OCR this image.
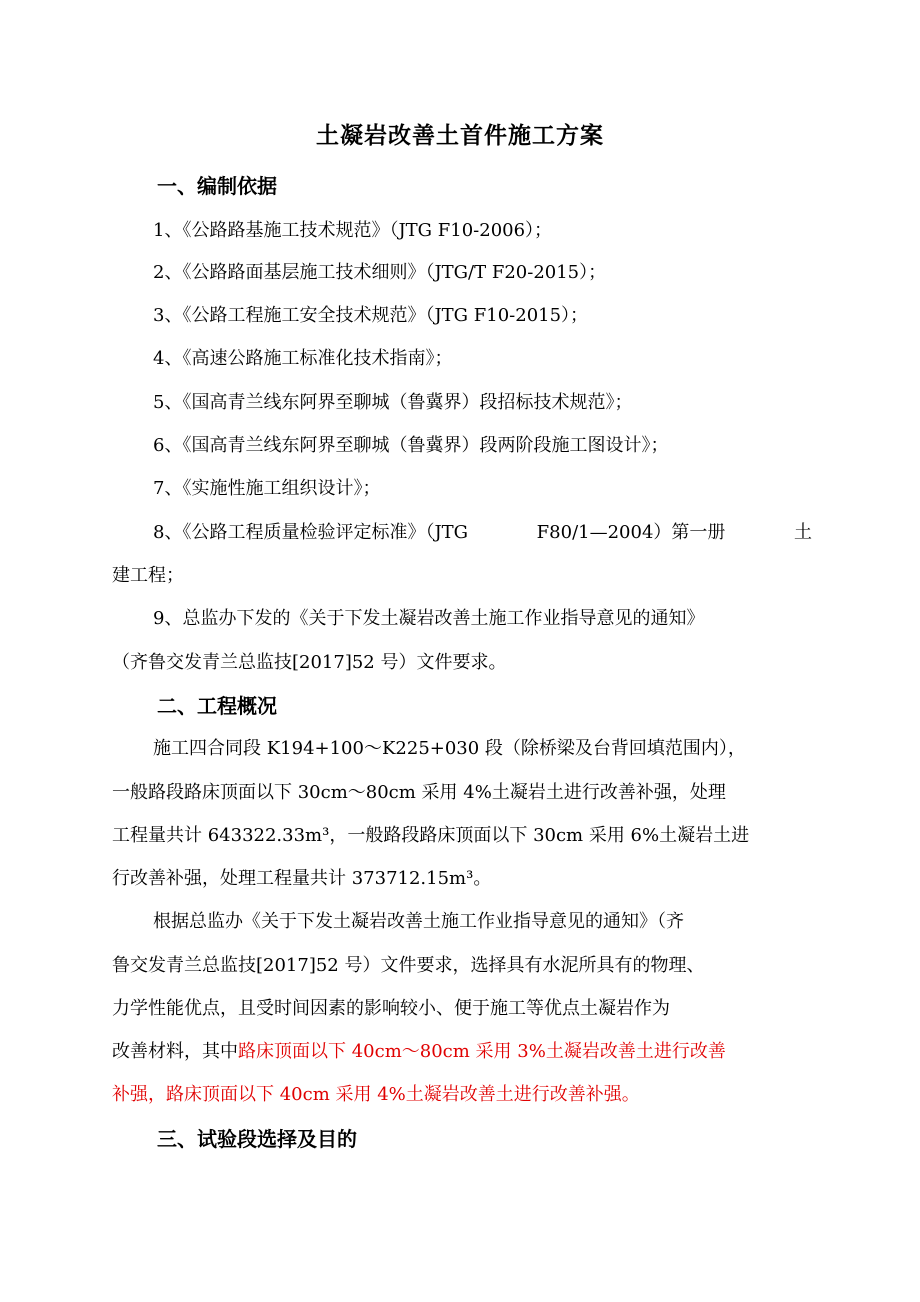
土凝岩改善土首件施工方案
一、编制依据
1、《公路路基施工技术规范》（JTG F10-2006）；
2、《公路路面基层施工技术细则》（JTG/T F20-2015）；
3、《公路工程施工安全技术规范》（JTG F10-2015）；
4、《高速公路施工标准化技术指南》；
5、《国高青兰线东阿界至聊城（鲁冀界）段招标技术规范》；
6、《国高青兰线东阿界至聊城（鲁冀界）段两阶段施工图设计》；
7、《实施性施工组织设计》；
8、《公路工程质量检验评定标准》（JTG	F80/1—2004）第一册	土
建工程；
9、总监办下发的《关于下发土凝岩改善土施工作业指导意见的通知》
（齐鲁交发青兰总监技[2017]52 号）文件要求。
二、工程概况
施工四合同段 K194+100～K225+030 段（除桥梁及台背回填范围内），
一般路段路床顶面以下 30cm～80cm 采用 4%土凝岩土进行改善补强，处理
工程量共计 643322.33m³，一般路段路床顶面以下 30cm 采用 6%土凝岩土进
行改善补强，处理工程量共计 373712.15m³。
根据总监办《关于下发土凝岩改善土施工作业指导意见的通知》（齐
鲁交发青兰总监技[2017]52 号）文件要求，选择具有水泥所具有的物理、
力学性能优点，且受时间因素的影响较小、便于施工等优点土凝岩作为
改善材料，其中路床顶面以下 40cm～80cm 采用 3%土凝岩改善土进行改善
补强，路床顶面以下 40cm 采用 4%土凝岩改善土进行改善补强。
三、试验段选择及目的
